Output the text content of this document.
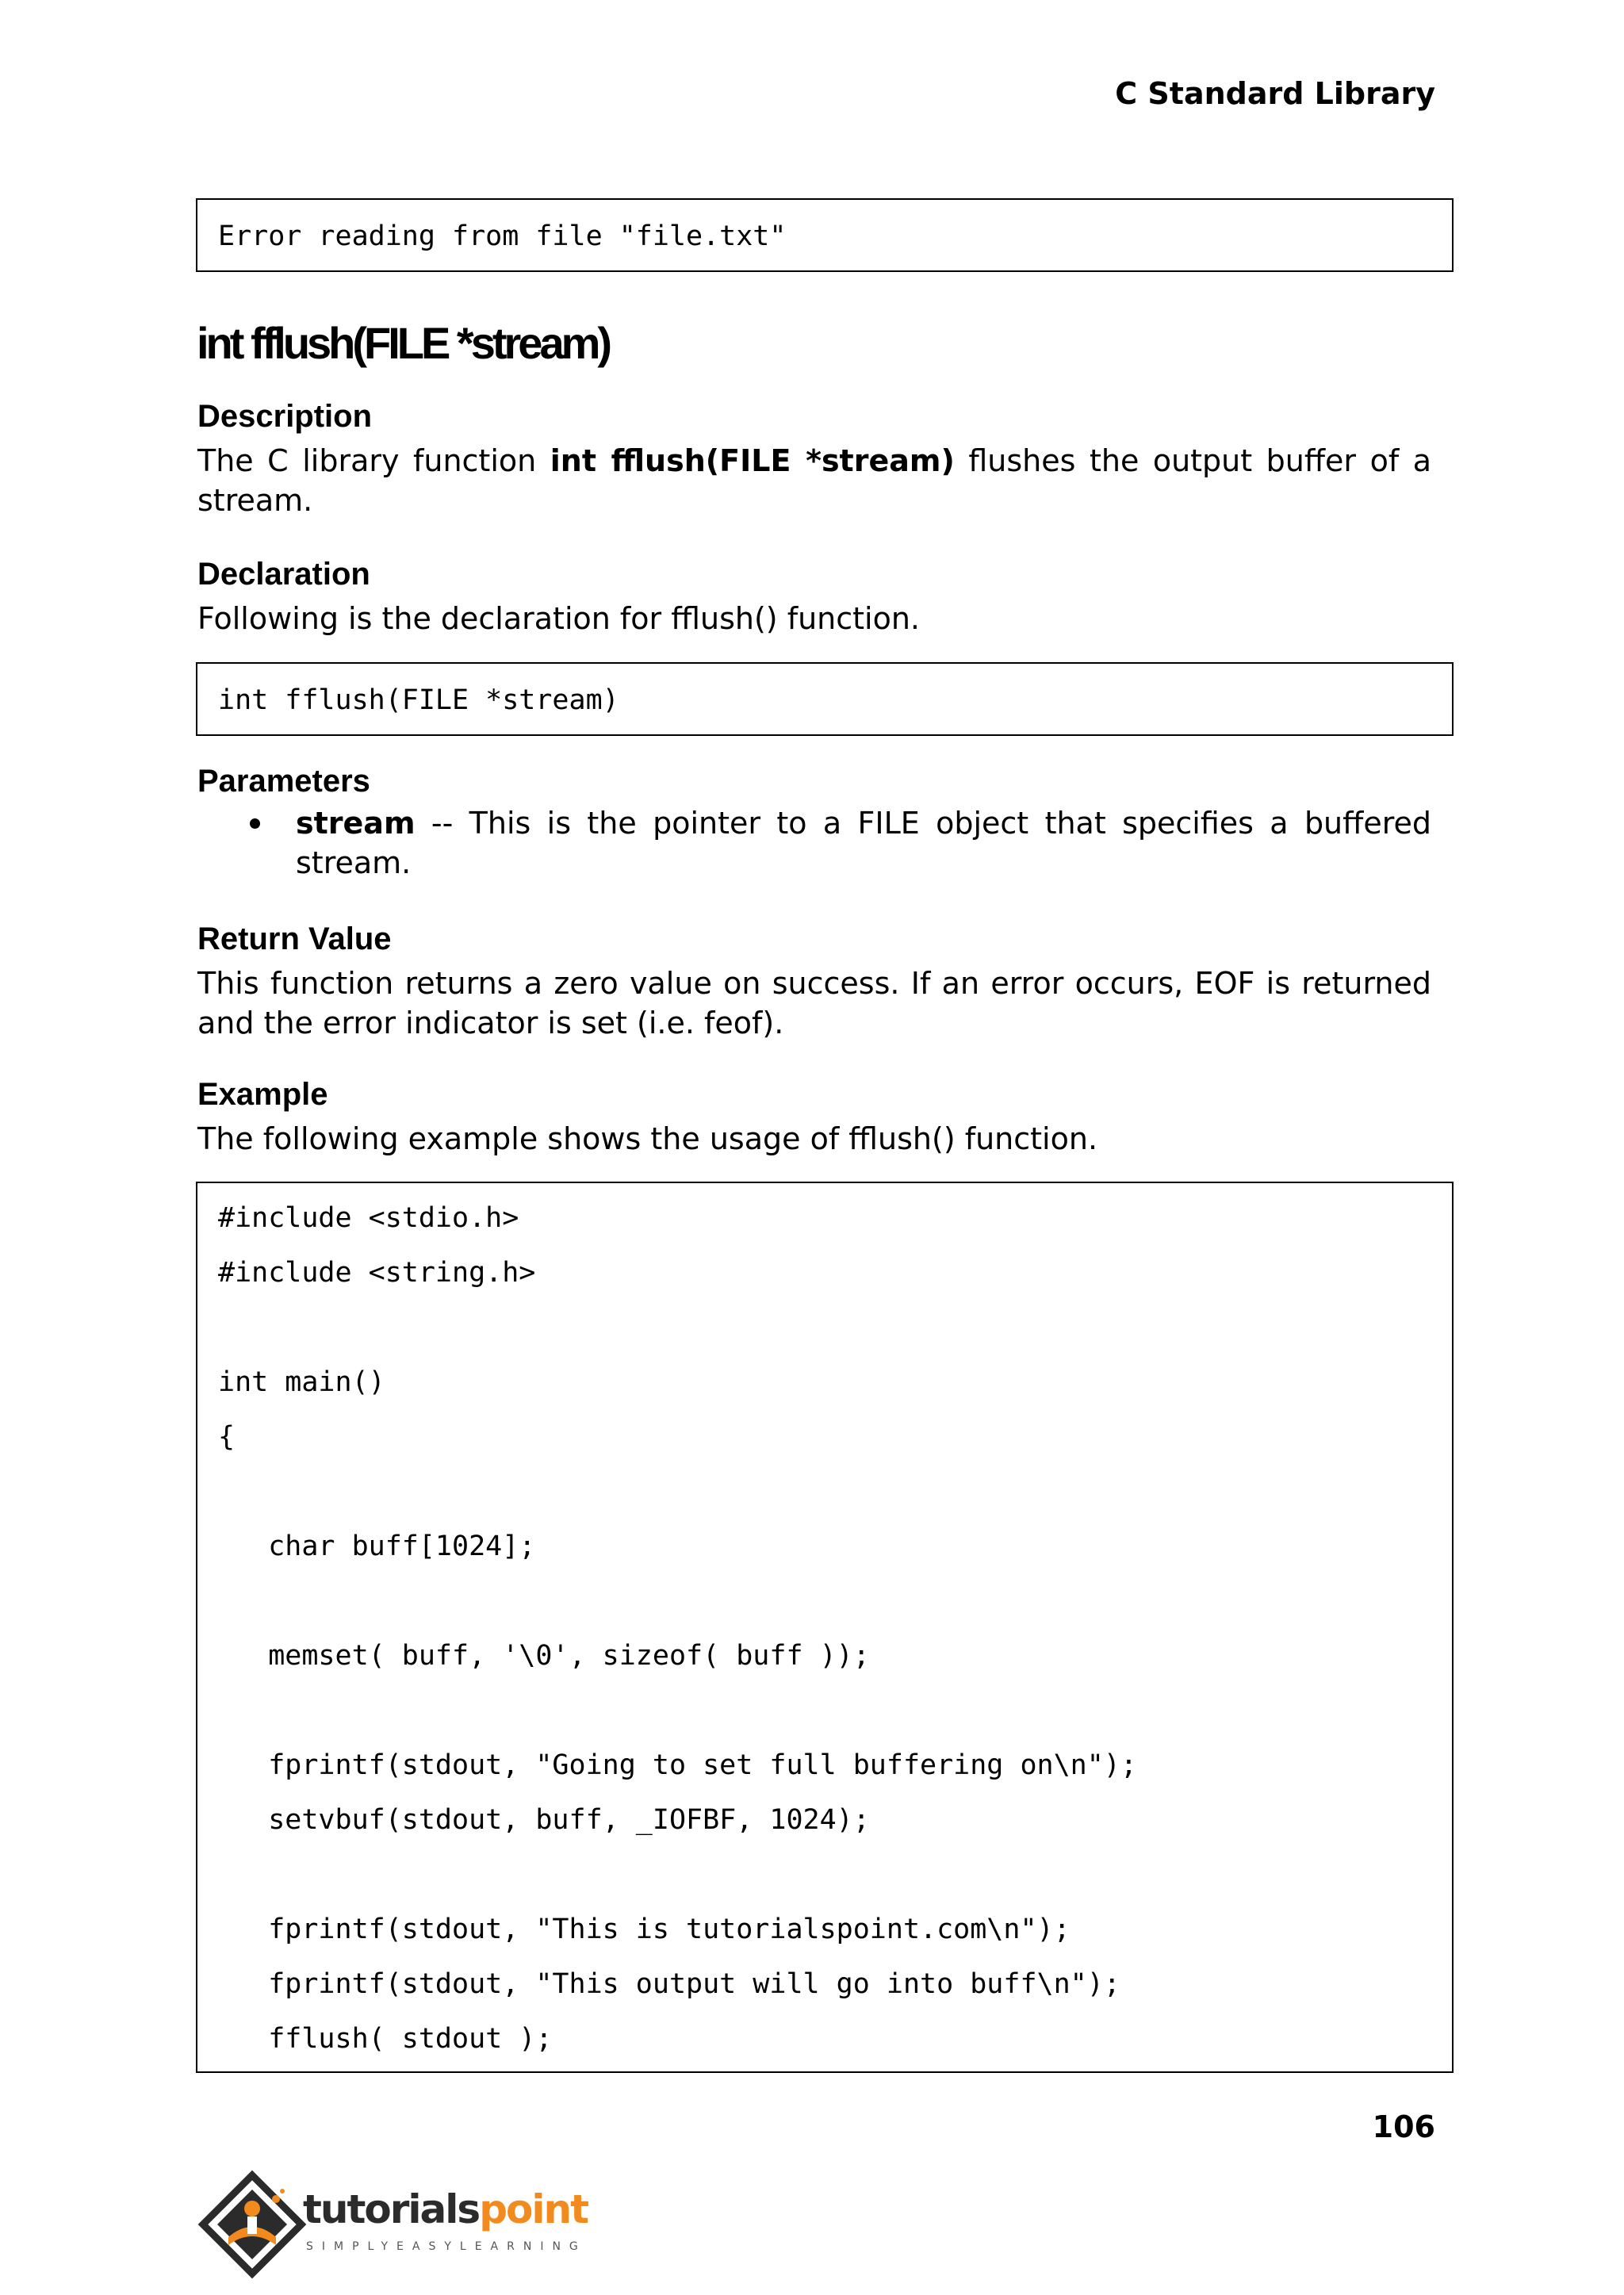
C Standard Library
Error reading from file "file.txt"
int fflush(FILE *stream)
Description
The C library function int fflush(FILE *stream) flushes the output buffer of a stream.
Declaration
Following is the declaration for fflush() function.
int fflush(FILE *stream)
Parameters
stream -- This is the pointer to a FILE object that specifies a buffered stream.
Return Value
This function returns a zero value on success. If an error occurs, EOF is returned and the error indicator is set (i.e. feof).
Example
The following example shows the usage of fflush() function.
#include <stdio.h>
#include <string.h>
int main()
{
char buff[1024];
memset( buff, '\0', sizeof( buff ));
fprintf(stdout, "Going to set full buffering on\n");
setvbuf(stdout, buff, _IOFBF, 1024);
fprintf(stdout, "This is tutorialspoint.com\n");
fprintf(stdout, "This output will go into buff\n");
fflush( stdout );
106
tutorialspoint
SIMPLYEASYLEARNING
